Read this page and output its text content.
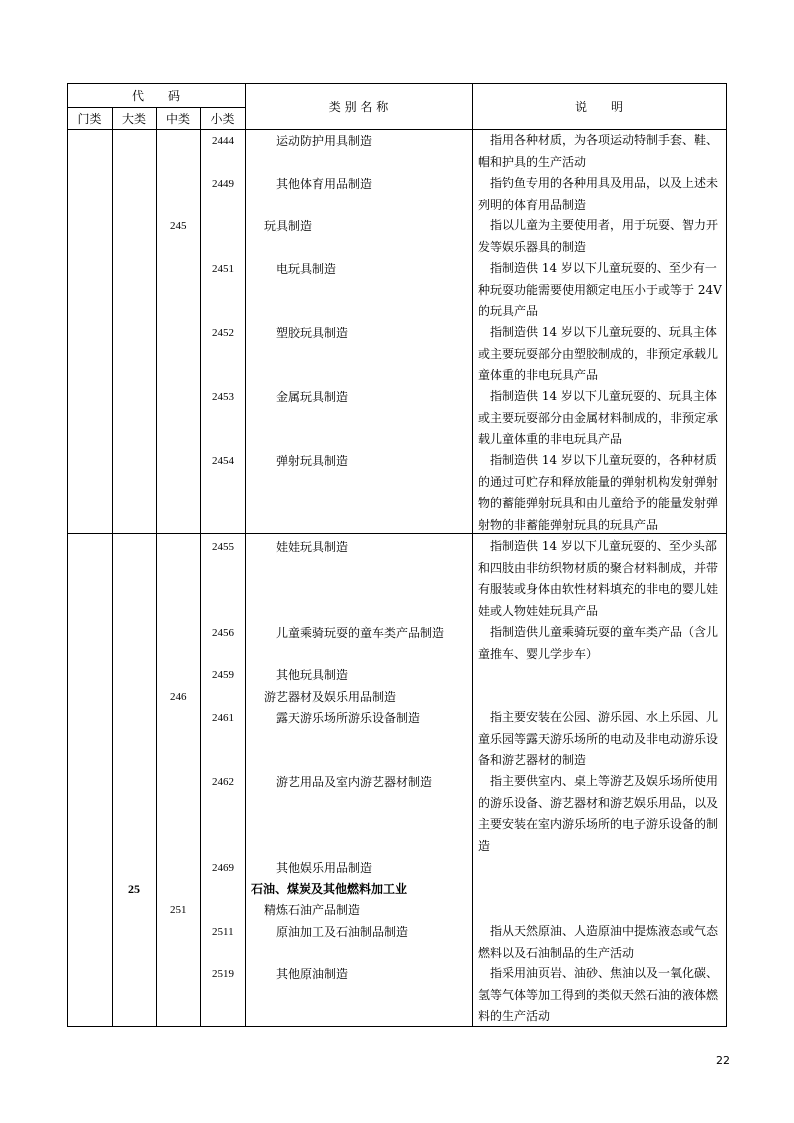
代　　码
门类	大类	中类	小类
类 别 名 称	说　　明
2444	运动防护用具制造	指用各种材质，为各项运动特制手套、鞋、帽和护具的生产活动
2449	其他体育用品制造	指钓鱼专用的各种用具及用品，以及上述未列明的体育用品制造
245	玩具制造	指以儿童为主要使用者，用于玩耍、智力开发等娱乐器具的制造
2451	电玩具制造	指制造供 14 岁以下儿童玩耍的、至少有一种玩耍功能需要使用额定电压小于或等于 24V 的玩具产品
2452	塑胶玩具制造	指制造供 14 岁以下儿童玩耍的、玩具主体或主要玩耍部分由塑胶制成的，非预定承载儿童体重的非电玩具产品
2453	金属玩具制造	指制造供 14 岁以下儿童玩耍的、玩具主体或主要玩耍部分由金属材料制成的，非预定承载儿童体重的非电玩具产品
2454	弹射玩具制造	指制造供 14 岁以下儿童玩耍的，各种材质的通过可贮存和释放能量的弹射机构发射弹射物的蓄能弹射玩具和由儿童给予的能量发射弹射物的非蓄能弹射玩具的玩具产品
2455	娃娃玩具制造	指制造供 14 岁以下儿童玩耍的、至少头部和四肢由非纺织物材质的聚合材料制成，并带有服装或身体由软性材料填充的非电的婴儿娃娃或人物娃娃玩具产品
2456	儿童乘骑玩耍的童车类产品制造	指制造供儿童乘骑玩耍的童车类产品（含儿童推车、婴儿学步车）
2459	其他玩具制造
246	游艺器材及娱乐用品制造
2461	露天游乐场所游乐设备制造	指主要安装在公园、游乐园、水上乐园、儿童乐园等露天游乐场所的电动及非电动游乐设备和游艺器材的制造
2462	游艺用品及室内游艺器材制造	指主要供室内、桌上等游艺及娱乐场所使用的游乐设备、游艺器材和游艺娱乐用品，以及主要安装在室内游乐场所的电子游乐设备的制造
2469	其他娱乐用品制造
25	石油、煤炭及其他燃料加工业
251	精炼石油产品制造
2511	原油加工及石油制品制造	指从天然原油、人造原油中提炼液态或气态燃料以及石油制品的生产活动
2519	其他原油制造	指采用油页岩、油砂、焦油以及一氧化碳、氢等气体等加工得到的类似天然石油的液体燃料的生产活动
22
